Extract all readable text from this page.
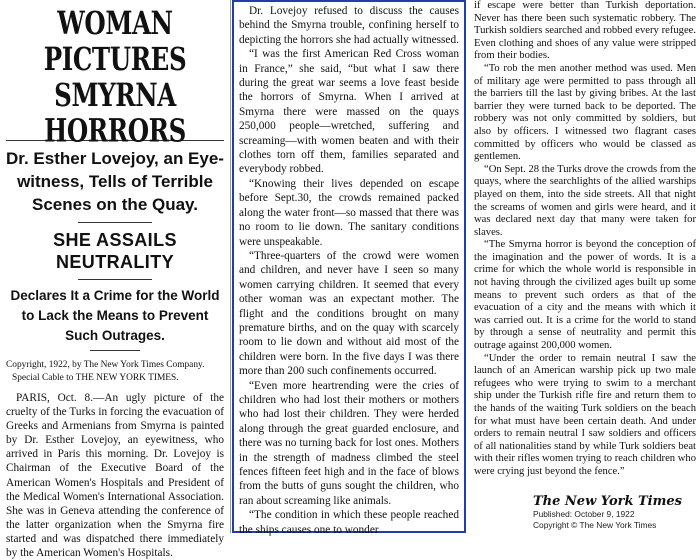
WOMAN PICTURES
SMYRNA HORRORS
Dr. Esther Lovejoy, an Eye-witness, Tells of Terrible Scenes on the Quay.
SHE ASSAILS NEUTRALITY
Declares It a Crime for the World to Lack the Means to Prevent Such Outrages.
Copyright, 1922, by The New York Times Company.
Special Cable to THE NEW YORK TIMES.

PARIS, Oct. 8.—An ugly picture of the cruelty of the Turks in forcing the evacuation of Greeks and Armenians from Smyrna is painted by Dr. Esther Lovejoy, an eyewitness, who arrived in Paris this morning. Dr. Lovejoy is Chairman of the Executive Board of the American Women's Hospitals and President of the Medical Women's International Association. She was in Geneva attending the conference of the latter organization when the Smyrna fire started and was dispatched there immediately by the American Women's Hospitals.

Dr. Lovejoy refused to discuss the causes behind the Smyrna trouble, confining herself to depicting the horrors she had actually witnessed.

“I was the first American Red Cross woman in France,” she said, “but what I saw there during the great war seems a love feast beside the horrors of Smyrna. When I arrived at Smyrna there were massed on the quays 250,000 people—wretched, suffering and screaming—with women beaten and with their clothes torn off them, families separated and everybody robbed.

“Knowing their lives depended on escape before Sept.30, the crowds remained packed along the water front—so massed that there was no room to lie down. The sanitary conditions were unspeakable.

“Three-quarters of the crowd were women and children, and never have I seen so many women carrying children. It seemed that every other woman was an expectant mother. The flight and the conditions brought on many premature births, and on the quay with scarcely room to lie down and without aid most of the children were born. In the five days I was there more than 200 such confinements occurred.

“Even more heartrending were the cries of children who had lost their mothers or mothers who had lost their children. They were herded along through the great guarded enclosure, and there was no turning back for lost ones. Mothers in the strength of madness climbed the steel fences fifteen feet high and in the face of blows from the butts of guns sought the children, who ran about screaming like animals.

“The condition in which these people reached the ships causes one to wonder

if escape were better than Turkish deportation. Never has there been such systematic robbery. The Turkish soldiers searched and robbed every refugee. Even clothing and shoes of any value were stripped from their bodies.

“To rob the men another method was used. Men of military age were permitted to pass through all the barriers till the last by giving bribes. At the last barrier they were turned back to be deported. The robbery was not only committed by soldiers, but also by officers. I witnessed two flagrant cases committed by officers who would be classed as gentlemen.

“On Sept. 28 the Turks drove the crowds from the quays, where the searchlights of the allied warships played on them, into the side streets. All that night the screams of women and girls were heard, and it was declared next day that many were taken for slaves.

“The Smyrna horror is beyond the conception of the imagination and the power of words. It is a crime for which the whole world is responsible in not having through the civilized ages built up some means to prevent such orders as that of the evacuation of a city and the means with which it was carried out. It is a crime for the world to stand by through a sense of neutrality and permit this outrage against 200,000 women.

“Under the order to remain neutral I saw the launch of an American warship pick up two male refugees who were trying to swim to a merchant ship under the Turkish rifle fire and return them to the hands of the waiting Turk soldiers on the beach for what must have been certain death. And under orders to remain neutral I saw soldiers and officers of all nationalities stand by while Turk soldiers beat with their rifles women trying to reach children who were crying just beyond the fence.”

The New York Times
Published: October 9, 1922
Copyright © The New York Times
